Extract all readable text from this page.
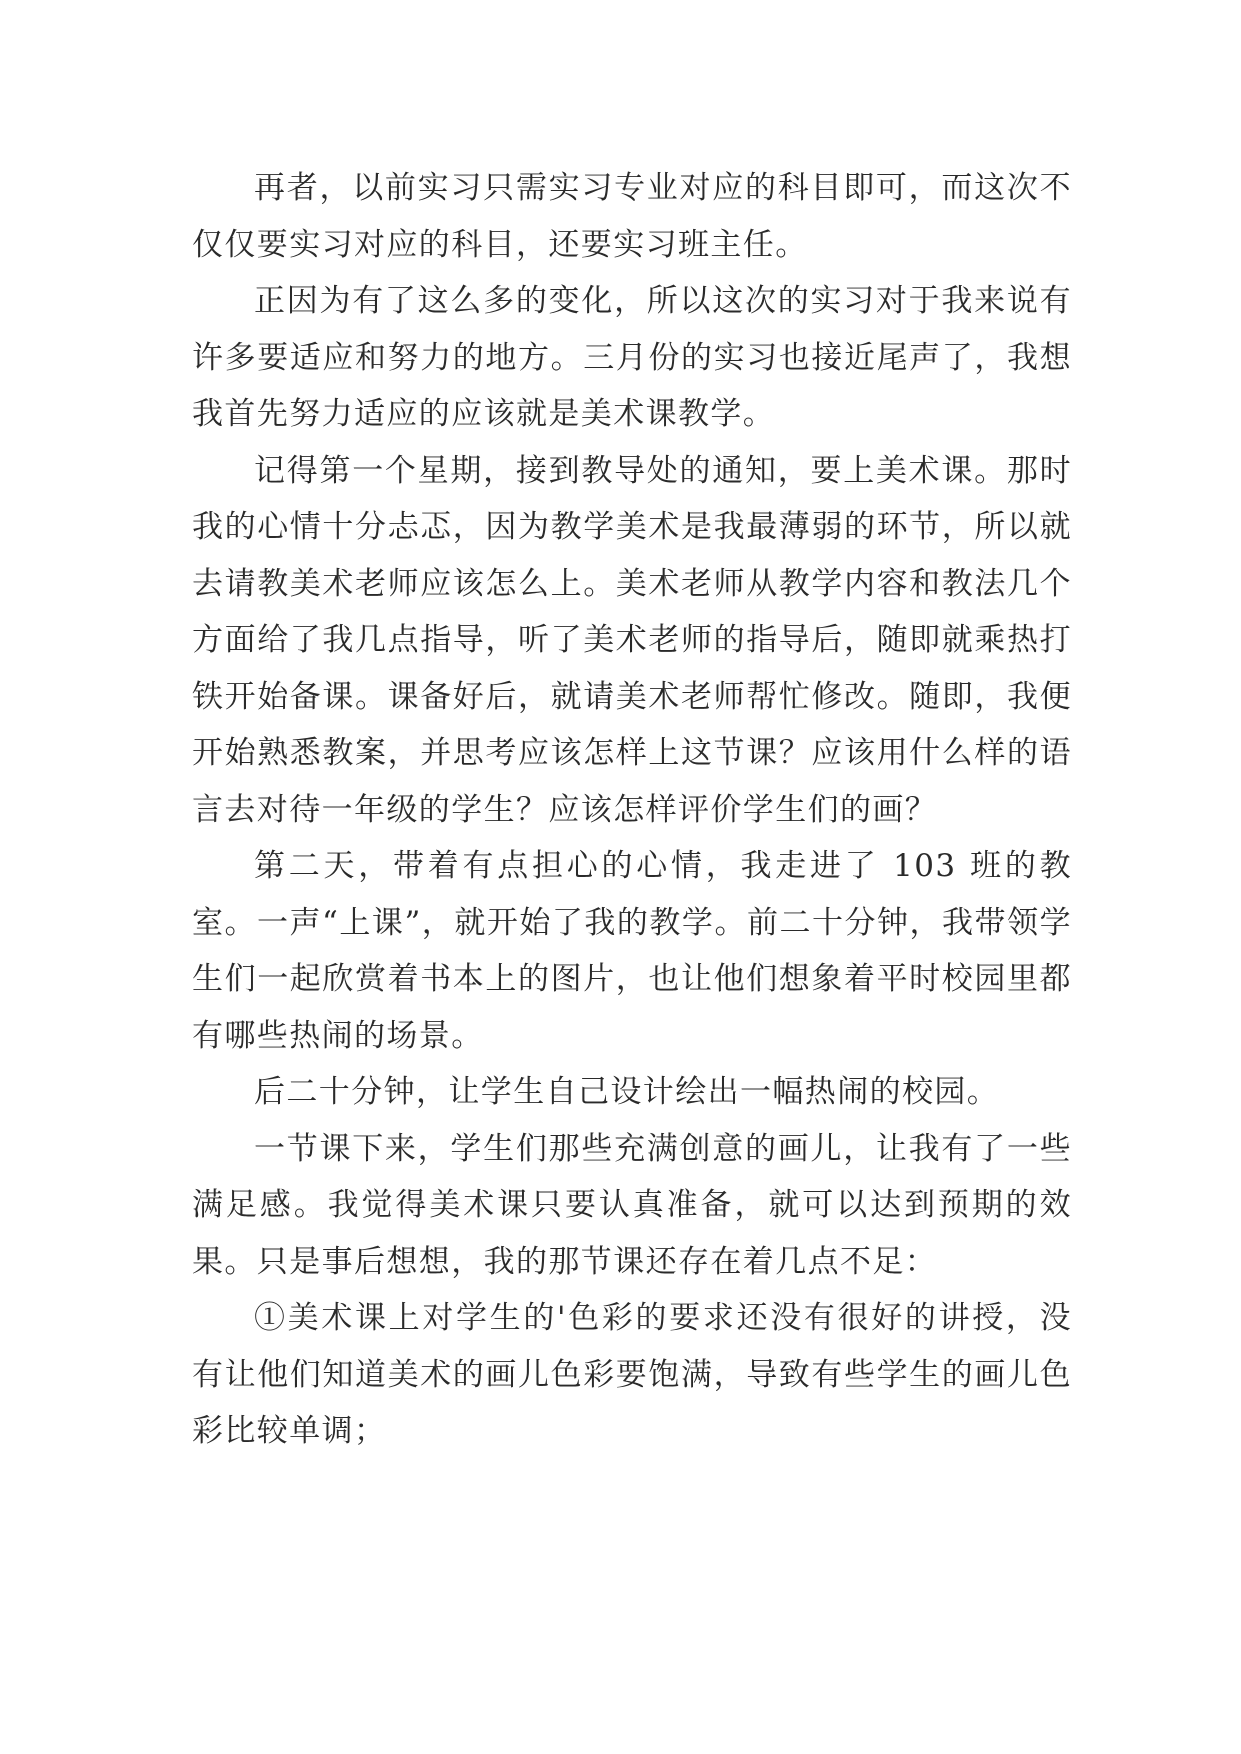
再者，以前实习只需实习专业对应的科目即可，而这次不仅仅要实习对应的科目，还要实习班主任。

正因为有了这么多的变化，所以这次的实习对于我来说有许多要适应和努力的地方。三月份的实习也接近尾声了，我想我首先努力适应的应该就是美术课教学。

记得第一个星期，接到教导处的通知，要上美术课。那时我的心情十分忐忑，因为教学美术是我最薄弱的环节，所以就去请教美术老师应该怎么上。美术老师从教学内容和教法几个方面给了我几点指导，听了美术老师的指导后，随即就乘热打铁开始备课。课备好后，就请美术老师帮忙修改。随即，我便开始熟悉教案，并思考应该怎样上这节课？应该用什么样的语言去对待一年级的学生？应该怎样评价学生们的画？

第二天，带着有点担心的心情，我走进了 103 班的教室。一声“上课”，就开始了我的教学。前二十分钟，我带领学生们一起欣赏着书本上的图片，也让他们想象着平时校园里都有哪些热闹的场景。

后二十分钟，让学生自己设计绘出一幅热闹的校园。

一节课下来，学生们那些充满创意的画儿，让我有了一些满足感。我觉得美术课只要认真准备，就可以达到预期的效果。只是事后想想，我的那节课还存在着几点不足：

①美术课上对学生的'色彩的要求还没有很好的讲授，没有让他们知道美术的画儿色彩要饱满，导致有些学生的画儿色彩比较单调；
